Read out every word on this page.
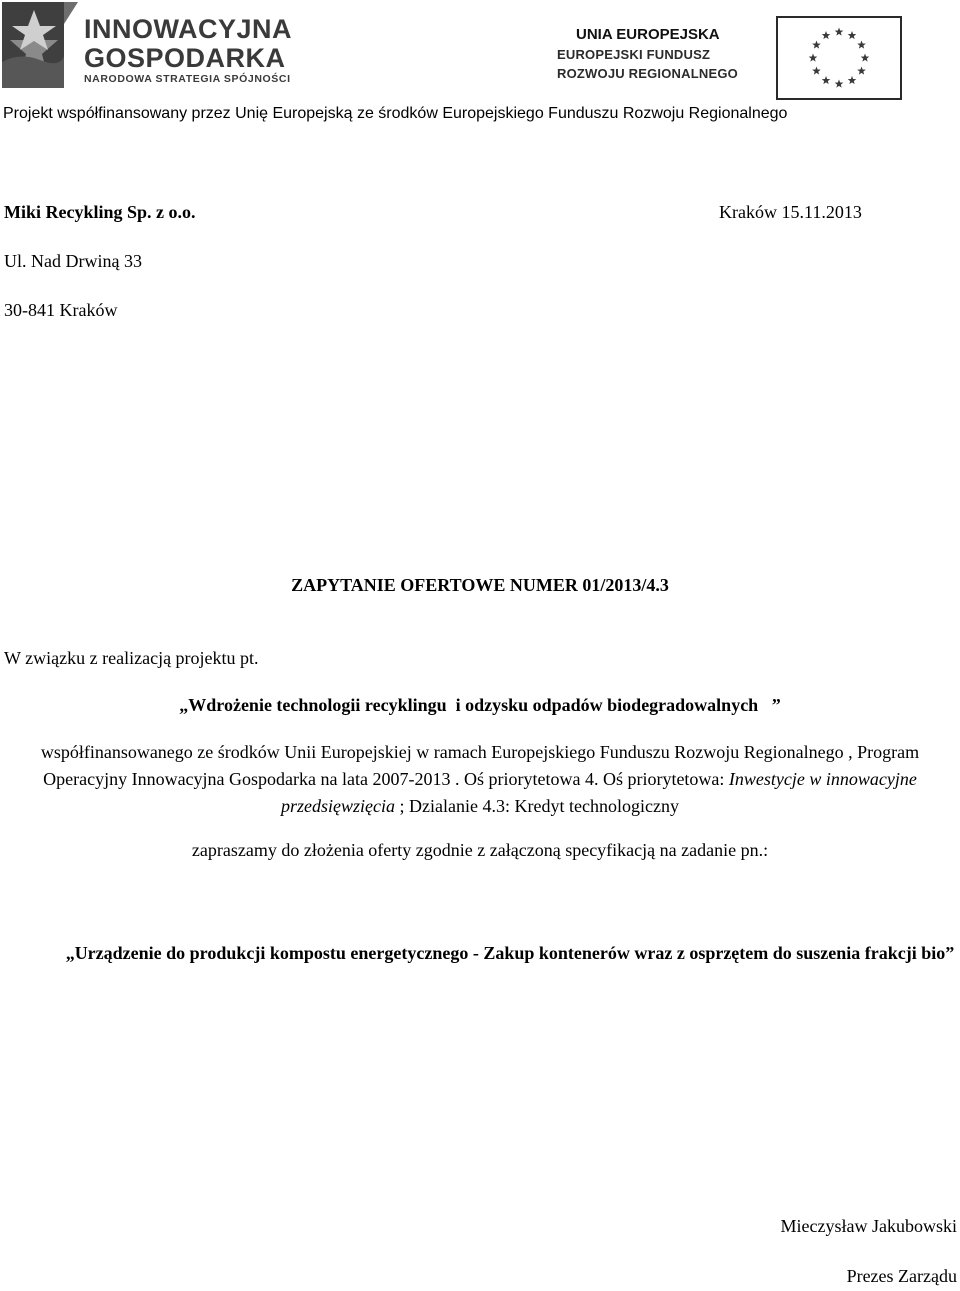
INNOWACYJNA
GOSPODARKA
NARODOWA STRATEGIA SPÓJNOŚCI
UNIA EUROPEJSKA
EUROPEJSKI FUNDUSZ
ROZWOJU REGIONALNEGO
Projekt współfinansowany przez Unię Europejską ze środków Europejskiego Funduszu Rozwoju Regionalnego
Miki Recykling Sp. z o.o.	Kraków 15.11.2013
Ul. Nad Drwiną 33
30-841 Kraków
ZAPYTANIE OFERTOWE NUMER 01/2013/4.3
W związku z realizacją projektu pt.
„Wdrożenie technologii recyklingu  i odzysku odpadów biodegradowalnych   ”
współfinansowanego ze środków Unii Europejskiej w ramach Europejskiego Funduszu Rozwoju Regionalnego , Program Operacyjny Innowacyjna Gospodarka na lata 2007-2013 . Oś priorytetowa 4. Oś priorytetowa: Inwestycje w innowacyjne przedsięwzięcia ; Dzialanie 4.3: Kredyt technologiczny
zapraszamy do złożenia oferty zgodnie z załączoną specyfikacją na zadanie pn.:
„Urządzenie do produkcji kompostu energetycznego - Zakup kontenerów wraz z osprzętem do suszenia frakcji bio”
Mieczysław Jakubowski
Prezes Zarządu
